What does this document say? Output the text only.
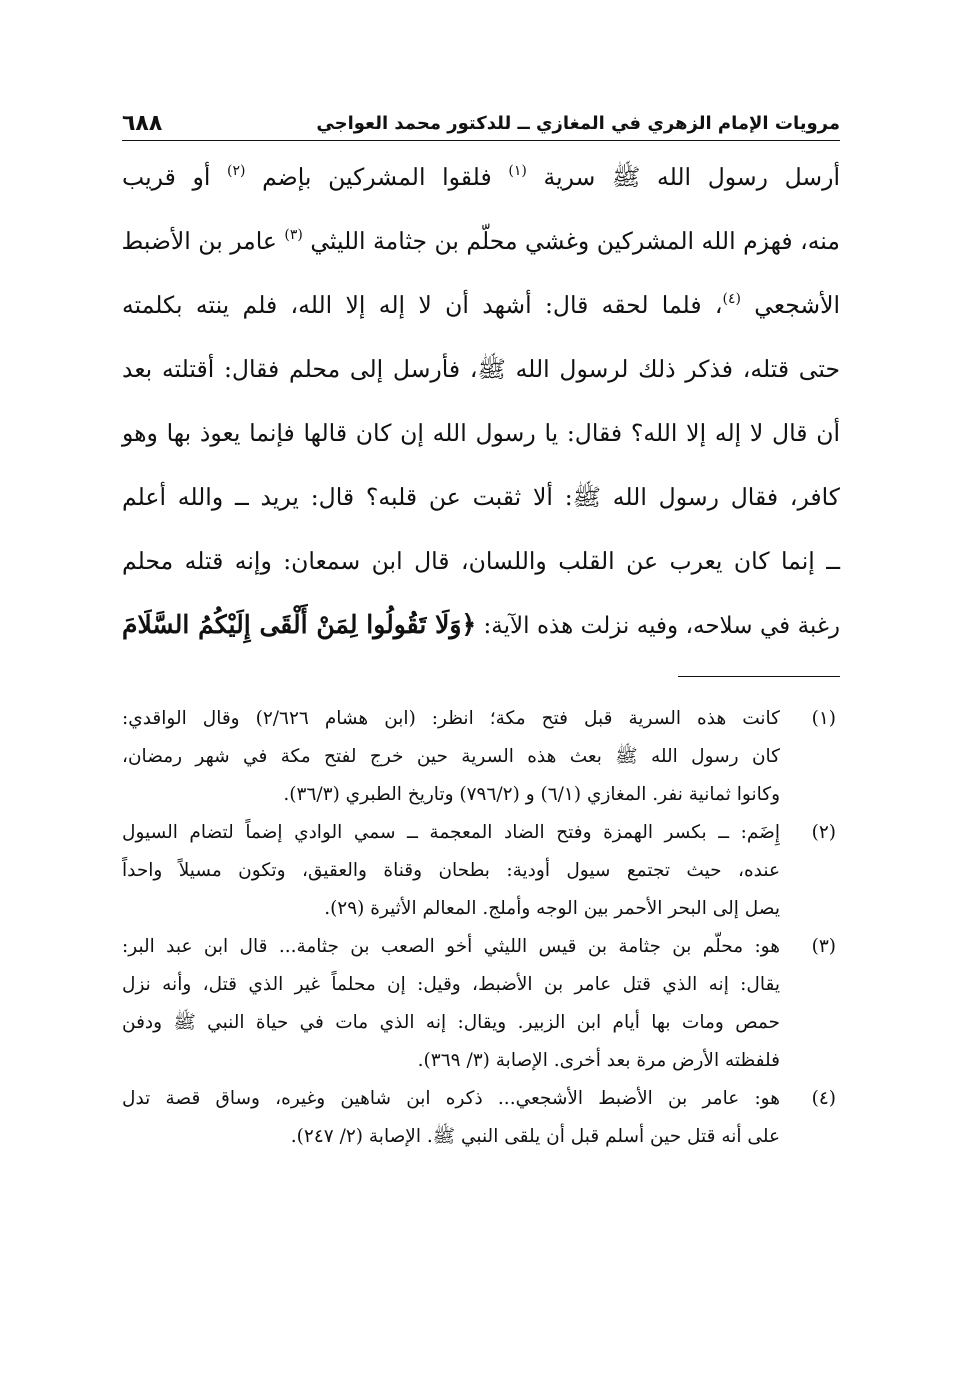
مرويات الإمام الزهري في المغازي ــ للدكتور محمد العواجي
٦٨٨
أرسل رسول الله ﷺ سرية $^{(١)}$ فلقوا المشركين بإضم $^{(٢)}$ أو قريب
منه، فهزم الله المشركين وغشي محلّم بن جثامة الليثي $^{(٣)}$ عامر بن الأضبط
الأشجعي $^{(٤)}$، فلما لحقه قال: أشهد أن لا إله إلا الله، فلم ينته بكلمته
حتى قتله، فذكر ذلك لرسول الله ﷺ، فأرسل إلى محلم فقال: أقتلته بعد
أن قال لا إله إلا الله؟ فقال: يا رسول الله إن كان قالها فإنما يعوذ بها وهو
كافر، فقال رسول الله ﷺ: ألا ثقبت عن قلبه؟ قال: يريد ــ والله أعلم
ــ إنما كان يعرب عن القلب واللسان، قال ابن سمعان: وإنه قتله محلم
رغبة في سلاحه، وفيه نزلت هذه الآية: ﴿وَلَا تَقُولُوا لِمَنْ أَلْقَى إِلَيْكُمُ السَّلَامَ
(١)
كانت هذه السرية قبل فتح مكة؛ انظر: (ابن هشام ٢/٦٢٦) وقال الواقدي:
كان رسول الله ﷺ بعث هذه السرية حين خرج لفتح مكة في شهر رمضان،
وكانوا ثمانية نفر. المغازي (٦/١) و (٧٩٦/٢) وتاريخ الطبري (٣٦/٣).
(٢)
إِضَم: ــ بكسر الهمزة وفتح الضاد المعجمة ــ سمي الوادي إضماً لتضام السيول
عنده، حيث تجتمع سيول أودية: بطحان وقناة والعقيق، وتكون مسيلاً واحداً
يصل إلى البحر الأحمر بين الوجه وأملج. المعالم الأثيرة (٢٩).
(٣)
هو: محلّم بن جثامة بن قيس الليثي أخو الصعب بن جثامة... قال ابن عبد البر:
يقال: إنه الذي قتل عامر بن الأضبط، وقيل: إن محلماً غير الذي قتل، وأنه نزل
حمص ومات بها أيام ابن الزبير. ويقال: إنه الذي مات في حياة النبي ﷺ ودفن
فلفظته الأرض مرة بعد أخرى. الإصابة (٣/ ٣٦٩).
(٤)
هو: عامر بن الأضبط الأشجعي... ذكره ابن شاهين وغيره، وساق قصة تدل
على أنه قتل حين أسلم قبل أن يلقى النبي ﷺ. الإصابة (٢/ ٢٤٧).
